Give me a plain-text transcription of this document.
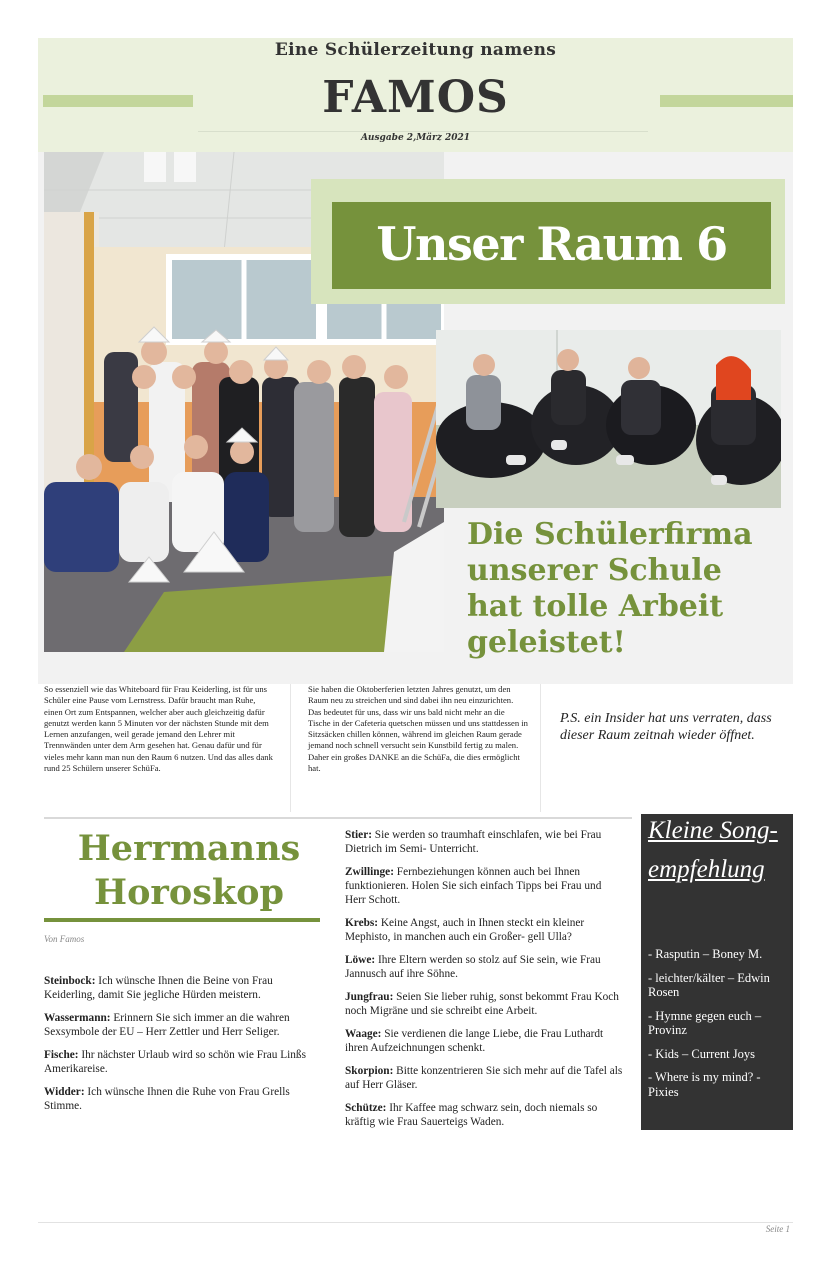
Eine Schülerzeitung namens
FAMOS
Ausgabe 2,März 2021
Unser Raum 6
Die Schülerfirma unserer Schule hat tolle Arbeit geleistet!
So essenziell wie das Whiteboard für Frau Keiderling, ist für uns Schüler eine Pause vom Lernstress. Dafür braucht man Ruhe, einen Ort zum Entspannen, welcher aber auch gleichzeitig dafür genutzt werden kann 5 Minuten vor der nächsten Stunde mit dem Lernen anzufangen, weil gerade jemand den Lehrer mit Trennwänden unter dem Arm gesehen hat. Genau dafür und für vieles mehr kann man nun den Raum 6 nutzen. Und das alles dank rund 25 Schülern unserer SchüFa.
Sie haben die Oktoberferien letzten Jahres genutzt, um den Raum neu zu streichen und sind dabei ihn neu einzurichten. Das bedeutet für uns, dass wir uns bald nicht mehr an die Tische in der Cafeteria quetschen müssen und uns stattdessen in Sitzsäcken chillen können, während im gleichen Raum gerade jemand noch schnell versucht sein Kunstbild fertig zu malen. Daher ein großes DANKE an die SchüFa, die dies ermöglicht hat.
P.S. ein Insider hat uns verraten, dass dieser Raum zeitnah wieder öffnet.
Herrmanns Horoskop
Von Famos

Steinbock: Ich wünsche Ihnen die Beine von Frau Keiderling, damit Sie jegliche Hürden meistern.

Wassermann: Erinnern Sie sich immer an die wahren Sexsymbole der EU – Herr Zettler und Herr Seliger.

Fische: Ihr nächster Urlaub wird so schön wie Frau Linßs Amerikareise.

Widder: Ich wünsche Ihnen die Ruhe von Frau Grells Stimme.

Stier: Sie werden so traumhaft einschlafen, wie bei Frau Dietrich im Semi- Unterricht.

Zwillinge: Fernbeziehungen können auch bei Ihnen funktionieren. Holen Sie sich einfach Tipps bei Frau und Herr Schott.

Krebs: Keine Angst, auch in Ihnen steckt ein kleiner Mephisto, in manchen auch ein Großer- gell Ulla?

Löwe: Ihre Eltern werden so stolz auf Sie sein, wie Frau Jannusch auf ihre Söhne.

Jungfrau: Seien Sie lieber ruhig, sonst bekommt Frau Koch noch Migräne und sie schreibt eine Arbeit.

Waage: Sie verdienen die lange Liebe, die Frau Luthardt ihren Aufzeichnungen schenkt.

Skorpion: Bitte konzentrieren Sie sich mehr auf die Tafel als auf Herr Gläser.

Schütze: Ihr Kaffee mag schwarz sein, doch niemals so kräftig wie Frau Sauerteigs Waden.

Kleine Song-empfehlung
- Rasputin – Boney M.
- leichter/kälter – Edwin Rosen
- Hymne gegen euch – Provinz
- Kids – Current Joys
- Where is my mind? - Pixies
Seite 1
